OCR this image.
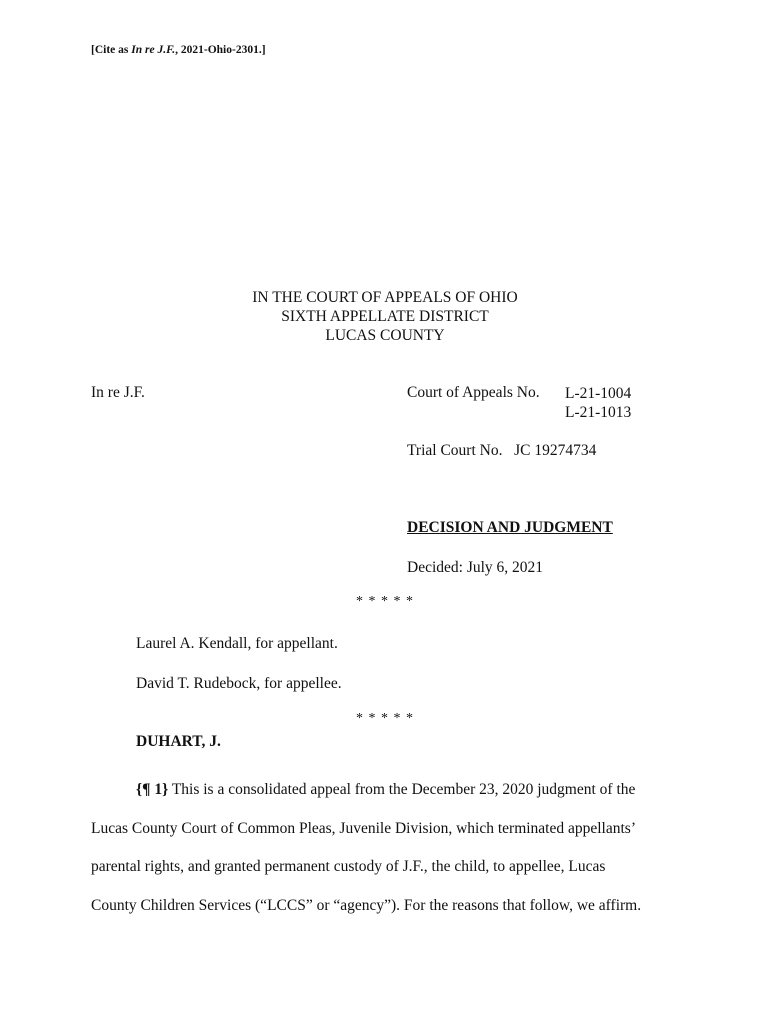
[Cite as In re J.F., 2021-Ohio-2301.]
IN THE COURT OF APPEALS OF OHIO
SIXTH APPELLATE DISTRICT
LUCAS COUNTY
In re J.F.	Court of Appeals No.	L-21-1004
L-21-1013
Trial Court No. JC 19274734
DECISION AND JUDGMENT
Decided: July 6, 2021
* * * * *
Laurel A. Kendall, for appellant.
David T. Rudebock, for appellee.
* * * * *
DUHART, J.
{¶ 1} This is a consolidated appeal from the December 23, 2020 judgment of the
Lucas County Court of Common Pleas, Juvenile Division, which terminated appellants’
parental rights, and granted permanent custody of J.F., the child, to appellee, Lucas
County Children Services (“LCCS” or “agency”). For the reasons that follow, we affirm.
